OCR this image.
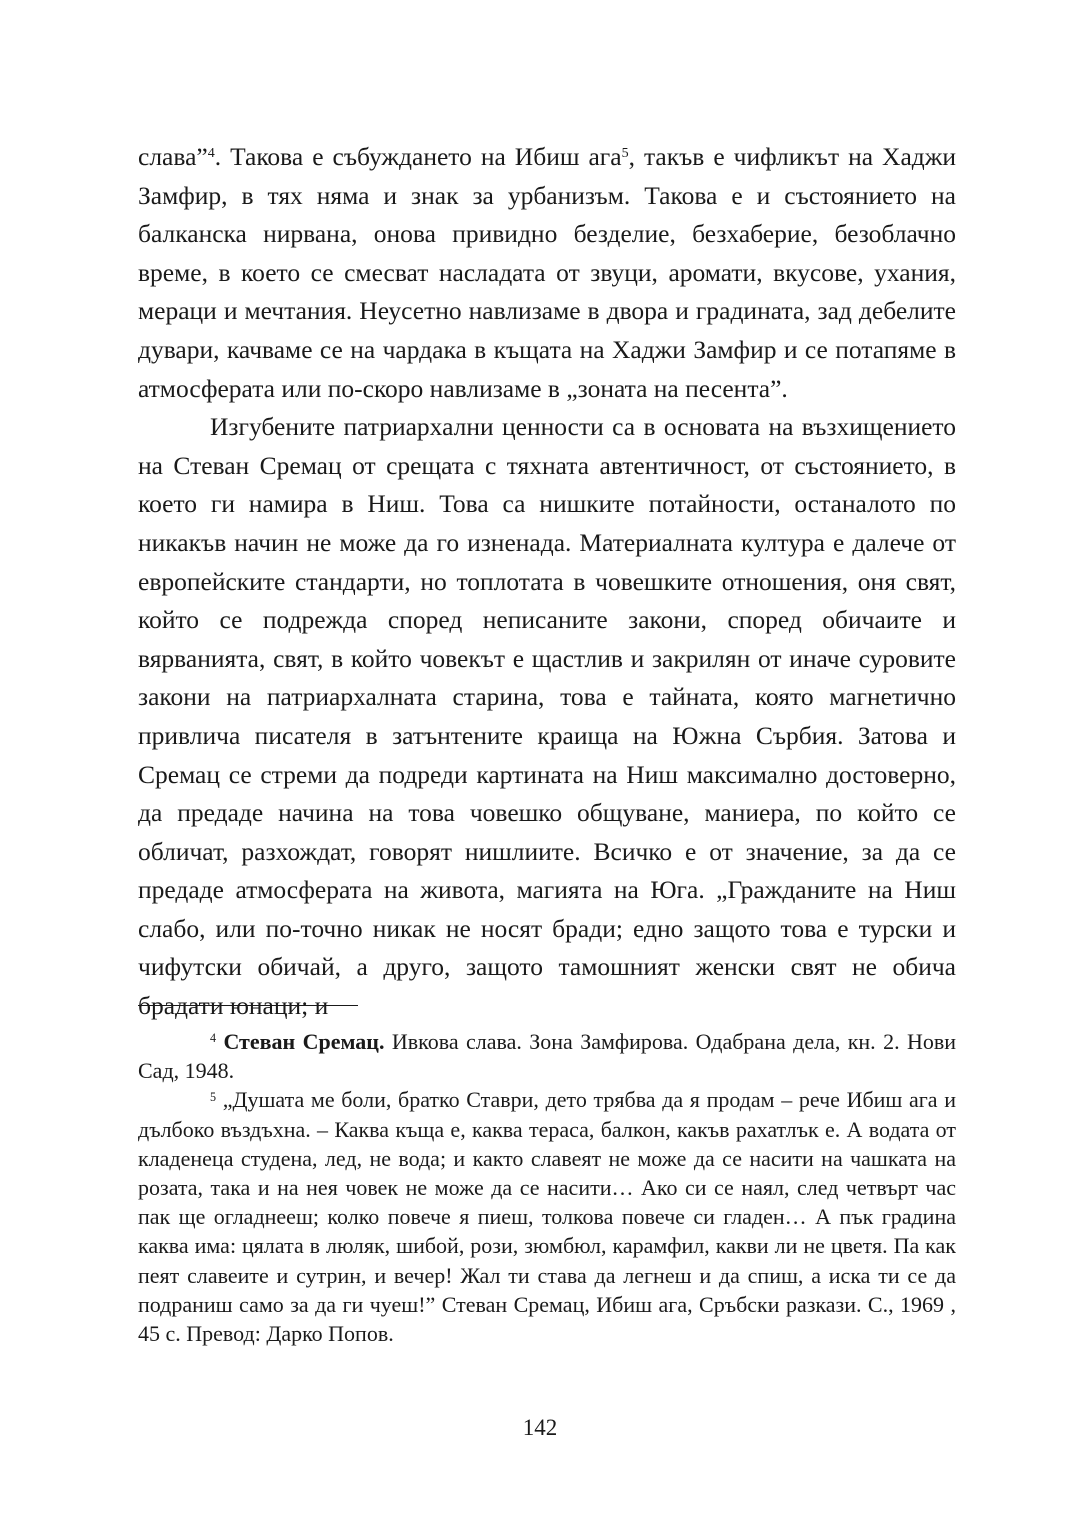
слава”$^4$. Такова е събуждането на Ибиш ага$^5$, такъв е чифликът на Хаджи Замфир, в тях няма и знак за урбанизъм. Такова е и състоянието на балканска нирвана, онова привидно безделие, безхаберие, безоблачно време, в което се смесват насладата от звуци, аромати, вкусове, ухания, мераци и мечтания. Неусетно навлизаме в двора и градината, зад дебелите дувари, качваме се на чардака в къщата на Хаджи Замфир и се потапяме в атмосферата или по-скоро навлизаме в „зоната на песента”.

Изгубените патриархални ценности са в основата на възхищението на Стеван Сремац от срещата с тяхната автентичност, от състоянието, в което ги намира в Ниш. Това са нишките потайности, останалото по никакъв начин не може да го изненада. Материалната култура е далече от европейските стандарти, но топлотата в човешките отношения, оня свят, който се подрежда според неписаните закони, според обичаите и вярванията, свят, в който човекът е щастлив и закрилян от иначе суровите закони на патриархалната старина, това е тайната, която магнетично привлича писателя в затънтените краища на Южна Сърбия. Затова и Сремац се стреми да подреди картината на Ниш максимално достоверно, да предаде начина на това човешко общуване, маниера, по който се обличат, разхождат, говорят нишлиите. Всичко е от значение, за да се предаде атмосферата на живота, магията на Юга. „Гражданите на Ниш слабо, или по-точно никак не носят бради; едно защото това е турски и чифутски обичай, а друго, защото тамошният женски свят не обича брадати юнаци; и

$^4$ Стеван Сремац. Ивкова слава. Зона Замфирова. Одабрана дела, кн. 2. Нови Сад, 1948.

$^5$ „Душата ме боли, братко Ставри, дето трябва да я продам – рече Ибиш ага и дълбоко въздъхна. – Каква къща е, каква тераса, балкон, какъв рахатлък е. А водата от кладенеца студена, лед, не вода; и както славеят не може да се насити на чашката на розата, така и на нея човек не може да се насити… Ако си се наял, след четвърт час пак ще огладнееш; колко повече я пиеш, толкова повече си гладен… А пък градина каква има: цялата в люляк, шибой, рози, зюмбюл, карамфил, какви ли не цветя. Па как пеят славеите и сутрин, и вечер! Жал ти става да легнеш и да спиш, а иска ти се да подраниш само за да ги чуеш!” Стеван Сремац, Ибиш ага, Сръбски разкази. С., 1969 , 45 с. Превод: Дарко Попов.

142
